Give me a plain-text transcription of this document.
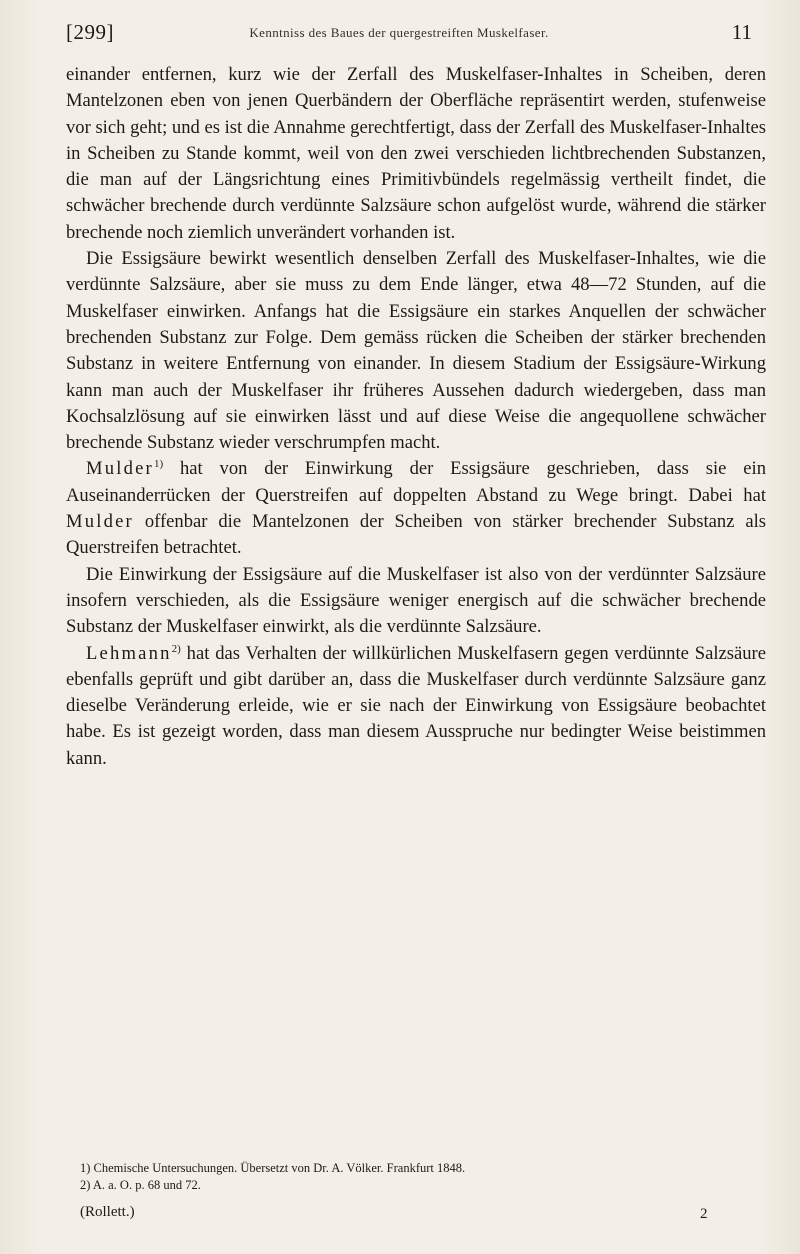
[299]	Kenntniss des Baues der quergestreiften Muskelfaser.	11

einander entfernen, kurz wie der Zerfall des Muskelfaser-Inhaltes in Scheiben, deren Mantelzonen eben von jenen Querbändern der Oberfläche repräsentirt werden, stufenweise vor sich geht; und es ist die Annahme gerechtfertigt, dass der Zerfall des Muskelfaser-Inhaltes in Scheiben zu Stande kommt, weil von den zwei verschieden lichtbrechenden Substanzen, die man auf der Längsrichtung eines Primitivbündels regelmässig vertheilt findet, die schwächer brechende durch verdünnte Salzsäure schon aufgelöst wurde, während die stärker brechende noch ziemlich unverändert vorhanden ist.

Die Essigsäure bewirkt wesentlich denselben Zerfall des Muskelfaser-Inhaltes, wie die verdünnte Salzsäure, aber sie muss zu dem Ende länger, etwa 48—72 Stunden, auf die Muskelfaser einwirken. Anfangs hat die Essigsäure ein starkes Anquellen der schwächer brechenden Substanz zur Folge. Dem gemäss rücken die Scheiben der stärker brechenden Substanz in weitere Entfernung von einander. In diesem Stadium der Essigsäure-Wirkung kann man auch der Muskelfaser ihr früheres Aussehen dadurch wiedergeben, dass man Kochsalzlösung auf sie einwirken lässt und auf diese Weise die angequollene schwächer brechende Substanz wieder verschrumpfen macht.

Mulder$^{1)}$ hat von der Einwirkung der Essigsäure geschrieben, dass sie ein Auseinanderrücken der Querstreifen auf doppelten Abstand zu Wege bringt. Dabei hat Mulder offenbar die Mantelzonen der Scheiben von stärker brechender Substanz als Querstreifen betrachtet.

Die Einwirkung der Essigsäure auf die Muskelfaser ist also von der verdünnter Salzsäure insofern verschieden, als die Essigsäure weniger energisch auf die schwächer brechende Substanz der Muskelfaser einwirkt, als die verdünnte Salzsäure.

Lehmann$^{2)}$ hat das Verhalten der willkürlichen Muskelfasern gegen verdünnte Salzsäure ebenfalls geprüft und gibt darüber an, dass die Muskelfaser durch verdünnte Salzsäure ganz dieselbe Veränderung erleide, wie er sie nach der Einwirkung von Essigsäure beobachtet habe. Es ist gezeigt worden, dass man diesem Ausspruche nur bedingter Weise beistimmen kann.

1) Chemische Untersuchungen. Übersetzt von Dr. A. Völker. Frankfurt 1848.

2) A. a. O. p. 68 und 72.

(Rollett.)	2
